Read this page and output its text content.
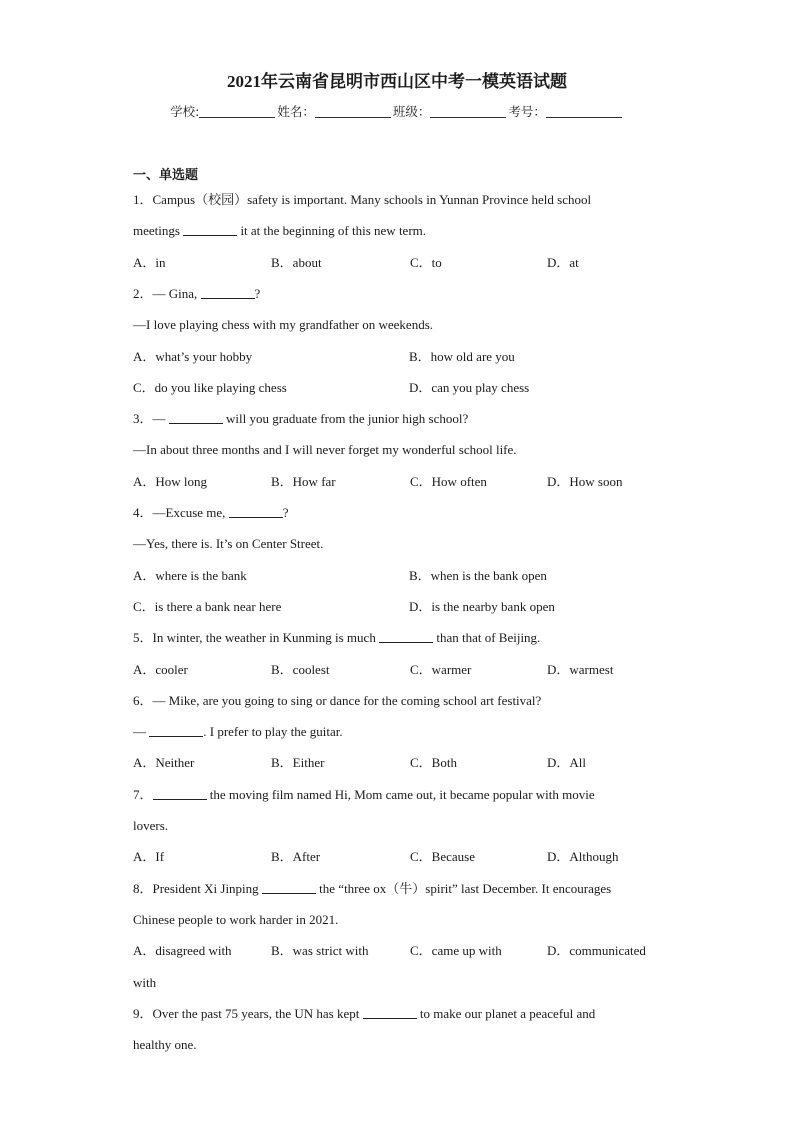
2021年云南省昆明市西山区中考一模英语试题
学校:	姓名：	班级：	考号：
一、单选题
1．Campus（校园）safety is important. Many schools in Yunnan Province held school
meetings	it at the beginning of this new term.
A．in	B．about	C．to	D．at
2．— Gina,	?
—I love playing chess with my grandfather on weekends.
A．what’s your hobby	B．how old are you
C．do you like playing chess	D．can you play chess
3．—	will you graduate from the junior high school?
—In about three months and I will never forget my wonderful school life.
A．How long	B．How far	C．How often	D．How soon
4．—Excuse me,	?
—Yes, there is. It’s on Center Street.
A．where is the bank	B．when is the bank open
C．is there a bank near here	D．is the nearby bank open
5．In winter, the weather in Kunming is much	than that of Beijing.
A．cooler	B．coolest	C．warmer	D．warmest
6．— Mike, are you going to sing or dance for the coming school art festival?
—	. I prefer to play the guitar.
A．Neither	B．Either	C．Both	D．All
7．	the moving film named Hi, Mom came out, it became popular with movie
lovers.
A．If	B．After	C．Because	D．Although
8．President Xi Jinping	the “three ox（牛）spirit” last December. It encourages
Chinese people to work harder in 2021.
A．disagreed with	B．was strict with	C．came up with	D．communicated
with
9．Over the past 75 years, the UN has kept	to make our planet a peaceful and
healthy one.
